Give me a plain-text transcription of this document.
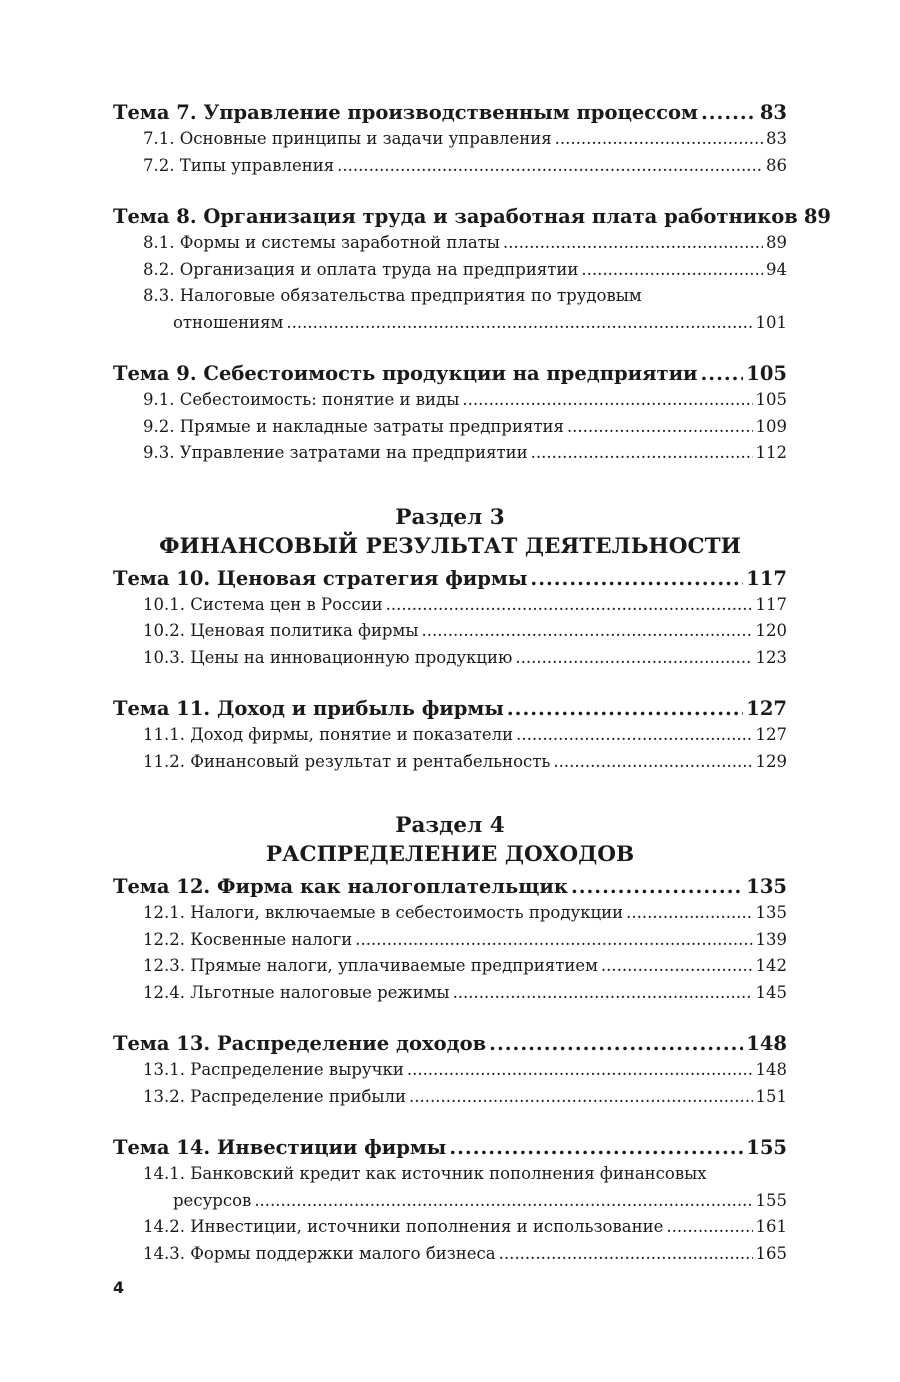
Тема 7. Управление производственным процессом .....	83
7.1. Основные принципы и задачи управления .....	83
7.2. Типы управления .....	86
Тема 8. Организация труда и заработная плата работников 89
8.1. Формы и системы заработной платы .....	89
8.2. Организация и оплата труда на предприятии .....	94
8.3. Налоговые обязательства предприятия по трудовым
отношениям .....	101
Тема 9. Себестоимость продукции на предприятии .....	105
9.1. Себестоимость: понятие и виды .....	105
9.2. Прямые и накладные затраты предприятия .....	109
9.3. Управление затратами на предприятии .....	112
Раздел 3
ФИНАНСОВЫЙ РЕЗУЛЬТАТ ДЕЯТЕЛЬНОСТИ
Тема 10. Ценовая стратегия фирмы .....	117
10.1. Система цен в России .....	117
10.2. Ценовая политика фирмы .....	120
10.3. Цены на инновационную продукцию .....	123
Тема 11. Доход и прибыль фирмы .....	127
11.1. Доход фирмы, понятие и показатели .....	127
11.2. Финансовый результат и рентабельность .....	129
Раздел 4
РАСПРЕДЕЛЕНИЕ ДОХОДОВ
Тема 12. Фирма как налогоплательщик .....	135
12.1. Налоги, включаемые в себестоимость продукции .....	135
12.2. Косвенные налоги .....	139
12.3. Прямые налоги, уплачиваемые предприятием .....	142
12.4. Льготные налоговые режимы .....	145
Тема 13. Распределение доходов .....	148
13.1. Распределение выручки .....	148
13.2. Распределение прибыли .....	151
Тема 14. Инвестиции фирмы .....	155
14.1. Банковский кредит как источник пополнения финансовых
ресурсов .....	155
14.2. Инвестиции, источники пополнения и использование .....	161
14.3. Формы поддержки малого бизнеса .....	165
4
